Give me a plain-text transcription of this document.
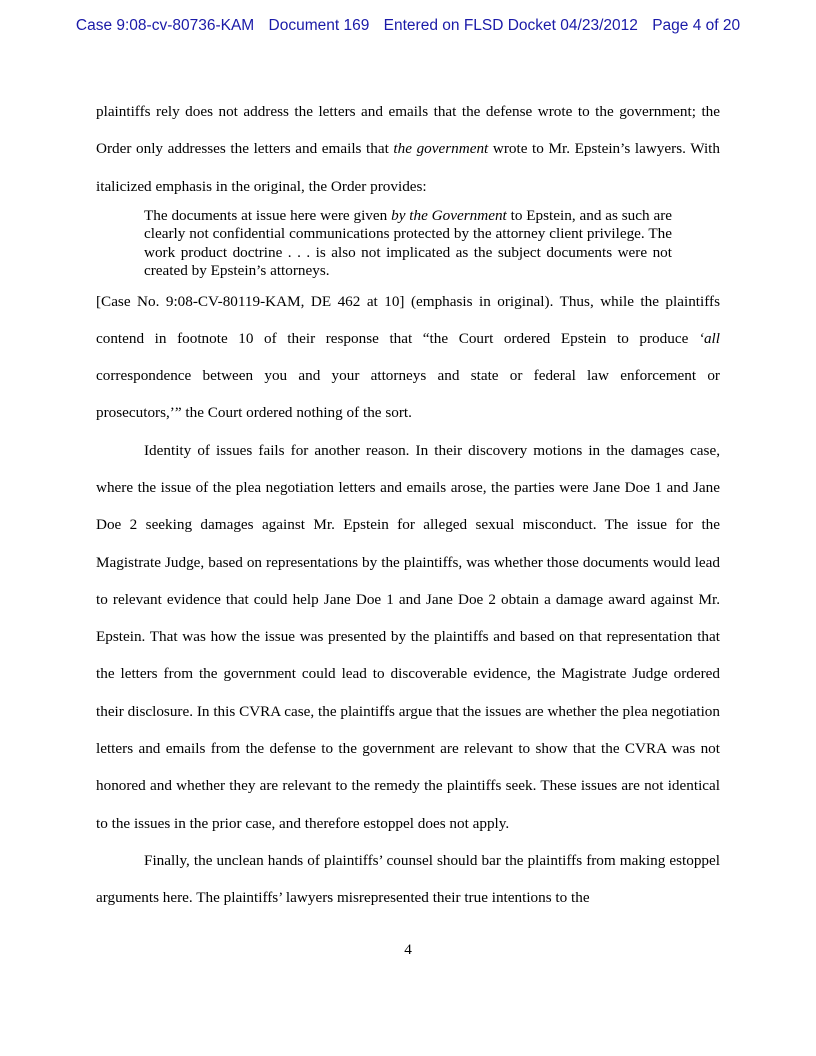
Case 9:08-cv-80736-KAM Document 169 Entered on FLSD Docket 04/23/2012 Page 4 of 20

plaintiffs rely does not address the letters and emails that the defense wrote to the government; the Order only addresses the letters and emails that the government wrote to Mr. Epstein’s lawyers. With italicized emphasis in the original, the Order provides:

The documents at issue here were given by the Government to Epstein, and as such are clearly not confidential communications protected by the attorney client privilege. The work product doctrine . . . is also not implicated as the subject documents were not created by Epstein’s attorneys.

[Case No. 9:08-CV-80119-KAM, DE 462 at 10] (emphasis in original). Thus, while the plaintiffs contend in footnote 10 of their response that “the Court ordered Epstein to produce ‘all correspondence between you and your attorneys and state or federal law enforcement or prosecutors,’” the Court ordered nothing of the sort.

Identity of issues fails for another reason. In their discovery motions in the damages case, where the issue of the plea negotiation letters and emails arose, the parties were Jane Doe 1 and Jane Doe 2 seeking damages against Mr. Epstein for alleged sexual misconduct. The issue for the Magistrate Judge, based on representations by the plaintiffs, was whether those documents would lead to relevant evidence that could help Jane Doe 1 and Jane Doe 2 obtain a damage award against Mr. Epstein. That was how the issue was presented by the plaintiffs and based on that representation that the letters from the government could lead to discoverable evidence, the Magistrate Judge ordered their disclosure. In this CVRA case, the plaintiffs argue that the issues are whether the plea negotiation letters and emails from the defense to the government are relevant to show that the CVRA was not honored and whether they are relevant to the remedy the plaintiffs seek. These issues are not identical to the issues in the prior case, and therefore estoppel does not apply.

Finally, the unclean hands of plaintiffs’ counsel should bar the plaintiffs from making estoppel arguments here. The plaintiffs’ lawyers misrepresented their true intentions to the

4
